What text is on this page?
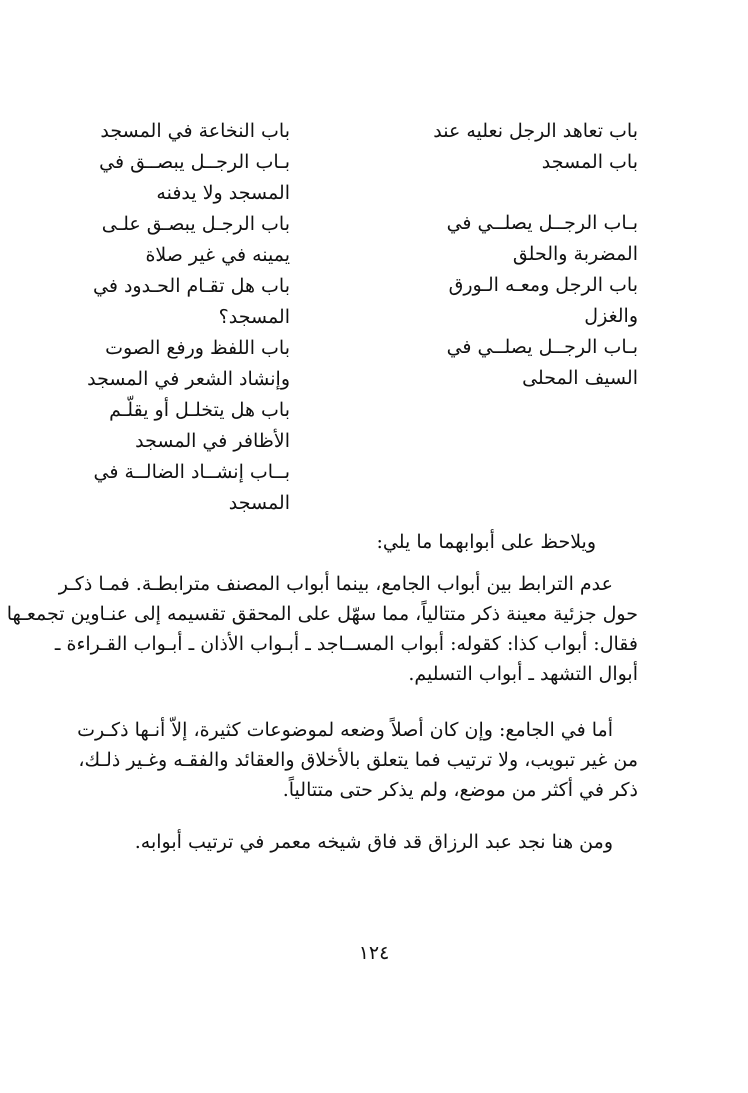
باب تعاهد الرجل نعليه عند
باب المسجد
بـاب الرجــل يصلــي في
المضربة والحلق
باب الرجل ومعـه الـورق
والغزل
بـاب الرجــل يصلــي في
السيف المحلى
باب النخاعة في المسجد
بـاب الرجــل يبصــق في
المسجد ولا يدفنه
باب الرجـل يبصـق علـى
يمينه في غير صلاة
باب هل تقـام الحـدود في
المسجد؟
باب اللفظ ورفع الصوت
وإنشاد الشعر في المسجد
باب هل يتخلـل أو يقلّـم
الأظافر في المسجد
بــاب إنشــاد الضالــة في
المسجد
ويلاحظ على أبوابهما ما يلي:
عدم الترابط بين أبواب الجامع، بينما أبواب المصنف مترابطـة. فمـا ذكـر
حول جزئية معينة ذكر متتالياً، مما سهّل على المحقق تقسيمه إلى عنـاوين تجمعـها
فقال: أبواب كذا: كقوله: أبواب المســاجد ـ أبـواب الأذان ـ أبـواب القـراءة ـ
أبوال التشهد ـ أبواب التسليم.
أما في الجامع: وإن كان أصلاً وضعه لموضوعات كثيرة، إلاّ أنـها ذكـرت
من غير تبويب، ولا ترتيب فما يتعلق بالأخلاق والعقائد والفقـه وغـير ذلـك،
ذكر في أكثر من موضع، ولم يذكر حتى متتالياً.
ومن هنا نجد عبد الرزاق قد فاق شيخه معمر في ترتيب أبوابه.
١٢٤
